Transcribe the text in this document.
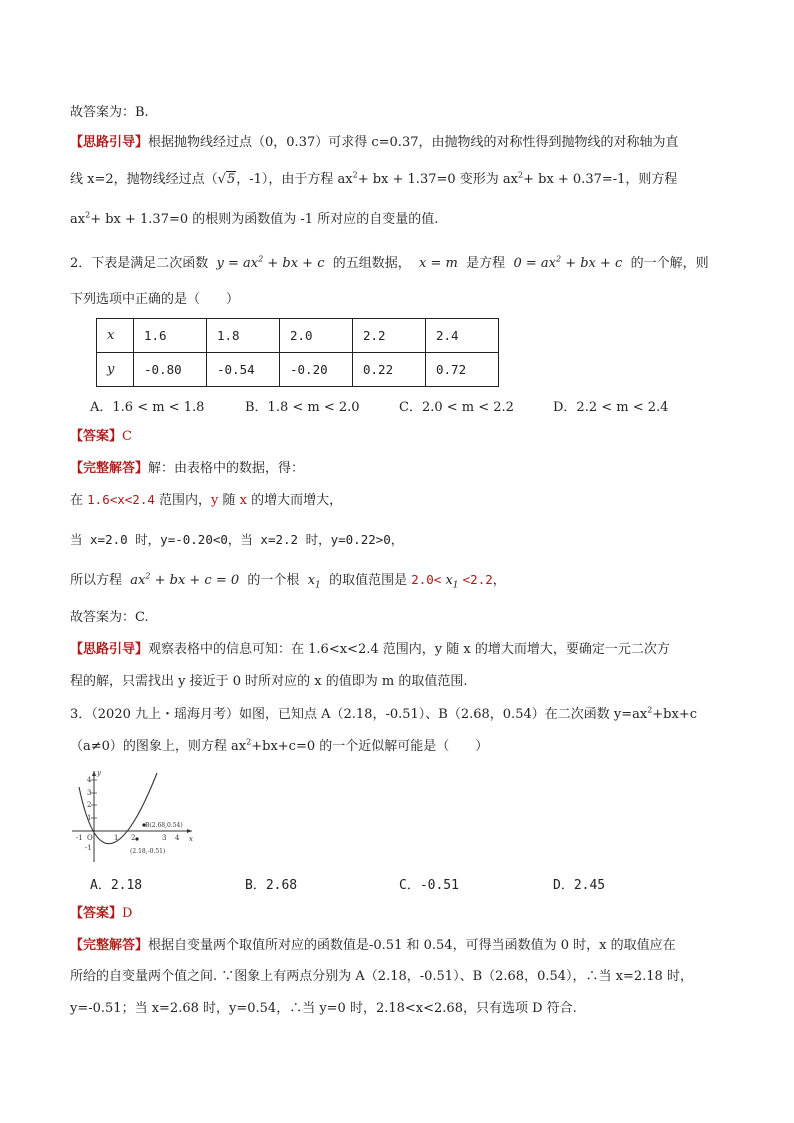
故答案为：B.
【思路引导】根据抛物线经过点（0，0.37）可求得 c=0.37，由抛物线的对称性得到抛物线的对称轴为直
线 x=2，抛物线经过点（√5，-1），由于方程 $ax^2+$ bx + 1.37=0 变形为 $ax^2+$ bx + 0.37=-1，则方程
$ax^2+$ bx + 1.37=0 的根则为函数值为 -1 所对应的自变量的值.
2．下表是满足二次函数  $y = ax^2$ + bx + c  的五组数据，  x = m  是方程  $0 = ax^2$ + bx + c  的一个解，则
下列选项中正确的是（　　）
x	1.6	1.8	2.0	2.2	2.4
y	-0.80	-0.54	-0.20	0.22	0.72
A．1.6 < m < 1.8	B．1.8 < m < 2.0	C．2.0 < m < 2.2	D．2.2 < m < 2.4
【答案】C
【完整解答】解：由表格中的数据，得：
在 1.6<x<2.4 范围内，y 随 x 的增大而增大，
当 x=2.0 时，y=-0.20<0，当 x=2.2 时，y=0.22>0，
所以方程  $ax^2$ + bx + c = 0  的一个根  $x_1$ 的取值范围是 $2.0< x_1 <2.2$，
故答案为：C.
【思路引导】观察表格中的信息可知：在 1.6<x<2.4 范围内，y 随 x 的增大而增大，要确定一元二次方
程的解，只需找出 y 接近于 0 时所对应的 x 的值即为 m 的取值范围.
3．（2020 九上・瑶海月考）如图，已知点 A（2.18，-0.51）、B（2.68，0.54）在二次函数 $y=ax^2+bx+c$
（a≠0）的图象上，则方程 $ax^2+bx+c=0$ 的一个近似解可能是（　　）
y
x
4
3
2
1
-1
-1 O	1 2	3 4
B(2.68,0.54)
(2.18,-0.51)
A．2.18	B．2.68	C．-0.51	D．2.45
【答案】D
【完整解答】根据自变量两个取值所对应的函数值是-0.51 和 0.54，可得当函数值为 0 时，x 的取值应在
所给的自变量两个值之间. ∵图象上有两点分别为 A（2.18，-0.51）、B（2.68，0.54），∴当 x=2.18 时，
y=-0.51；当 x=2.68 时，y=0.54，∴当 y=0 时，2.18<x<2.68，只有选项 D 符合.
